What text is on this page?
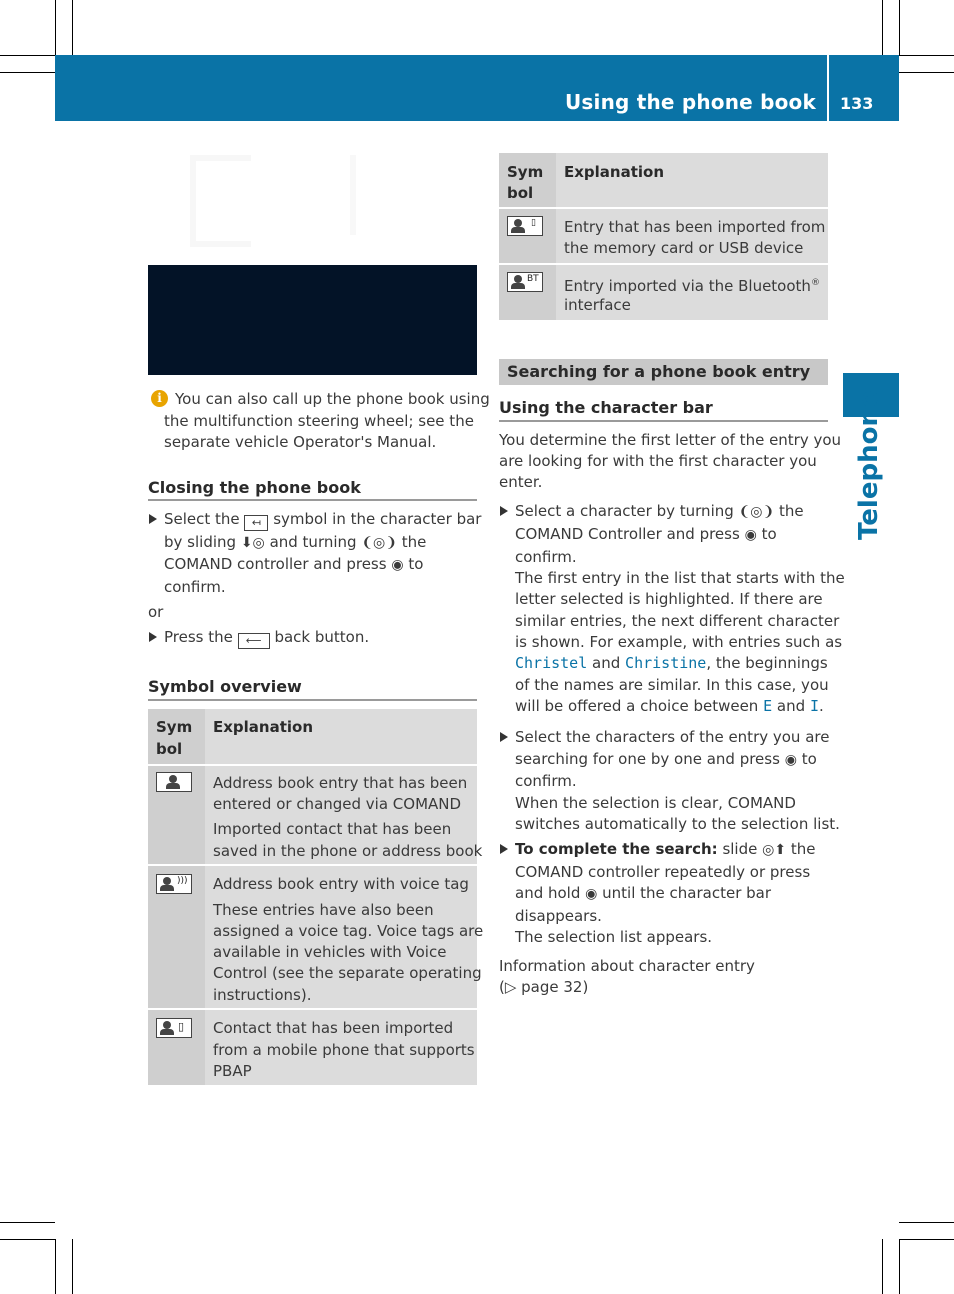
Using the phone book 133
Telephone
i You can also call up the phone book using
the multifunction steering wheel; see the
separate vehicle Operator's Manual.
Closing the phone book
Select the ↤ symbol in the character bar
by sliding ⬇◎ and turning ❨◎❩ the
COMAND controller and press ◉ to
confirm.
or
Press the ⟵ back button.
Symbol overview
Sym
bol
Explanation
Address book entry that has been
entered or changed via COMAND
Imported contact that has been
saved in the phone or address book
))) Address book entry with voice tag
These entries have also been
assigned a voice tag. Voice tags are
available in vehicles with Voice
Control (see the separate operating
instructions).
▯ Contact that has been imported
from a mobile phone that supports
PBAP
Sym
bol
Explanation
▯ Entry that has been imported from
the memory card or USB device
BT Entry imported via the Bluetooth®
interface
Searching for a phone book entry
Using the character bar
You determine the first letter of the entry you
are looking for with the first character you
enter.
Select a character by turning ❨◎❩ the
COMAND Controller and press ◉ to
confirm.
The first entry in the list that starts with the
letter selected is highlighted. If there are
similar entries, the next different character
is shown. For example, with entries such as
Christel and Christine, the beginnings
of the names are similar. In this case, you
will be offered a choice between E and I.
Select the characters of the entry you are
searching for one by one and press ◉ to
confirm.
When the selection is clear, COMAND
switches automatically to the selection list.
To complete the search: slide ◎⬆ the
COMAND controller repeatedly or press
and hold ◉ until the character bar
disappears.
The selection list appears.
Information about character entry
(▷ page 32)
